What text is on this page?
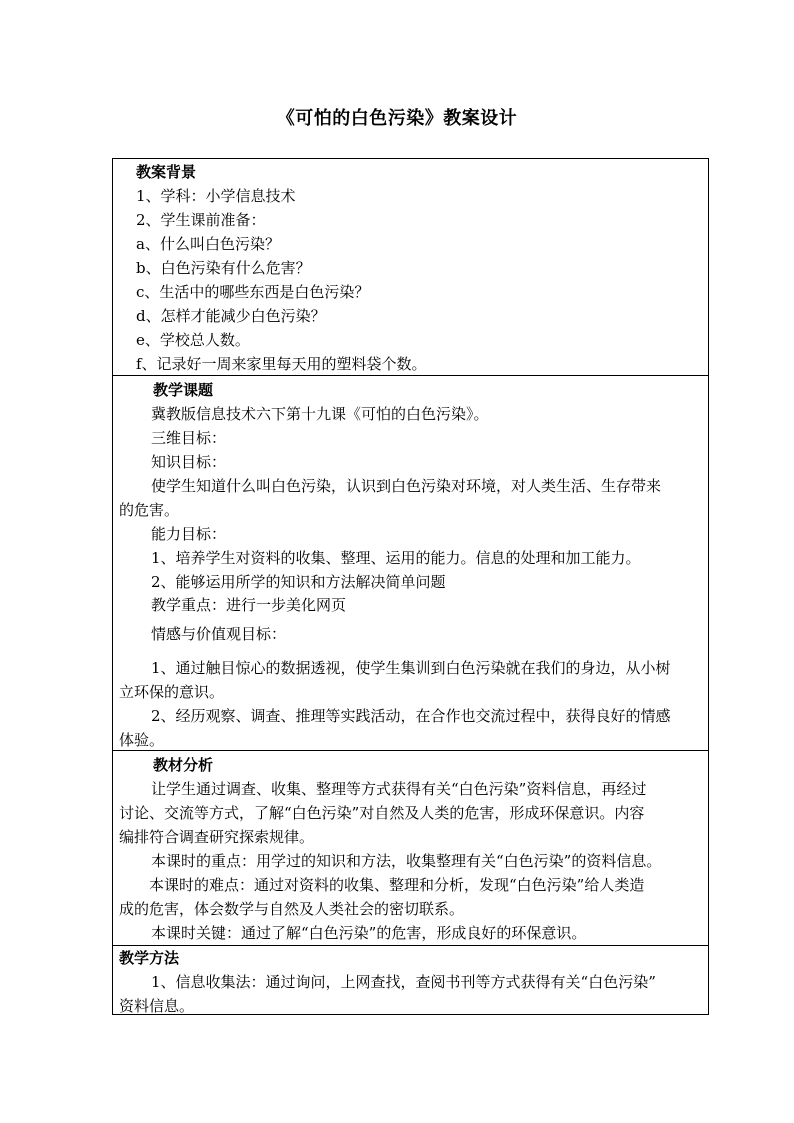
《可怕的白色污染》教案设计
教案背景
1、学科：小学信息技术
2、学生课前准备：
a、什么叫白色污染？
b、白色污染有什么危害？
c、生活中的哪些东西是白色污染？
d、怎样才能减少白色污染？
e、学校总人数。
f、记录好一周来家里每天用的塑料袋个数。
教学课题
冀教版信息技术六下第十九课《可怕的白色污染》。
三维目标：
知识目标：
使学生知道什么叫白色污染，认识到白色污染对环境，对人类生活、生存带来
的危害。
能力目标：
1、培养学生对资料的收集、整理、运用的能力。信息的处理和加工能力。
2、能够运用所学的知识和方法解决简单问题
教学重点：进行一步美化网页
情感与价值观目标：
1、通过触目惊心的数据透视，使学生集训到白色污染就在我们的身边，从小树
立环保的意识。
2、经历观察、调查、推理等实践活动，在合作也交流过程中，获得良好的情感
体验。
教材分析
让学生通过调查、收集、整理等方式获得有关“白色污染”资料信息，再经过
讨论、交流等方式，了解“白色污染”对自然及人类的危害，形成环保意识。内容
编排符合调查研究探索规律。
本课时的重点：用学过的知识和方法，收集整理有关“白色污染”的资料信息。
本课时的难点：通过对资料的收集、整理和分析，发现“白色污染”给人类造
成的危害，体会数学与自然及人类社会的密切联系。
本课时关键：通过了解“白色污染”的危害，形成良好的环保意识。
教学方法
1、信息收集法：通过询问，上网查找，查阅书刊等方式获得有关“白色污染”
资料信息。
